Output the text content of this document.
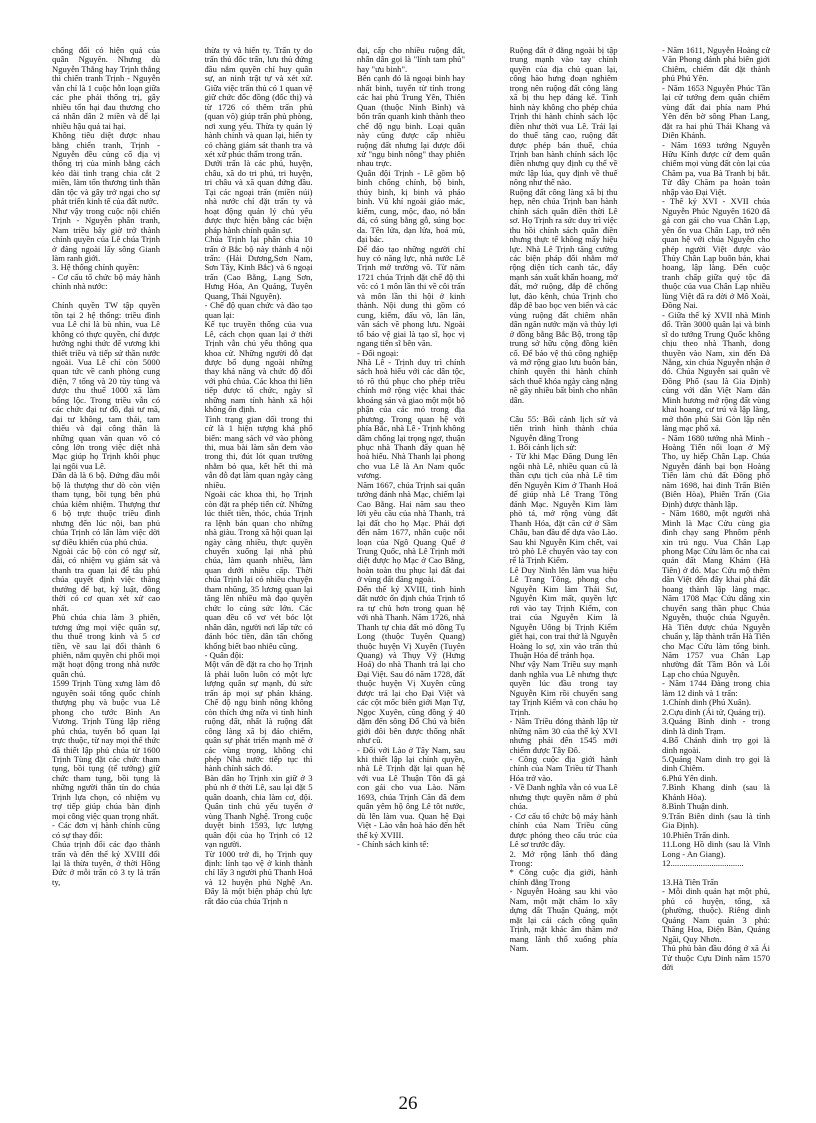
chống đối có hiện quả của quân Nguyên. Nhưng dù Nguyễn Thắng hay Trịnh thắng thì chiến tranh Trịnh - Nguyễn vẫn chỉ là 1 cuộc hỗn loạn giữa các phe phái thống trị, gây nhiều tổn hại đau thương cho cả nhân dân 2 miền và để lại nhiều hậu quả tai hại.
Không tiêu diệt được nhau bằng chiến tranh, Trịnh - Nguyễn đều củng cố địa vị thống trị của mình bằng cách kéo dài tình trạng chia cắt 2 miền, làm tổn thương tình thần dân tộc và gây trở ngại cho sự phát triển kinh tế của đất nước.
Như vậy trong cuộc nội chiến Trịnh - Nguyễn phân tranh, Nam triều bây giờ trở thành chính quyền của Lê chúa Trịnh ở đàng ngoài lấy sông Gianh làm ranh giới.
3. Hệ thống chính quyền:
- Cơ cấu tổ chức bộ máy hành chính nhà nước:

Chính quyền TW tập quyền tồn tại 2 hệ thống: triều đình vua Lê chỉ là bù nhìn, vua Lê không có thực quyền, chỉ được hưởng nghi thức để vương khi thiết triều và tiếp sứ thần nước ngoài. Vua Lê chỉ còn 5000 quan tức về canh phòng cung điện, 7 tổng và 20 tùy tùng và được thu thuế 1000 xã làm bổng lộc. Trong triều vẫn có các chức đại tư đồ, đại tư mã, đại tư không, tam thái, tam thiếu và đại công thần là những quan văn quan võ có công lớn trong việc diệt nhà Mạc giúp họ Trịnh khôi phục lại ngôi vua Lê.
Dần dà là 6 bộ. Đứng đầu mỗi bộ là thượng thư dò còn viện tham tụng, bồi tụng bên phủ chúa kiêm nhiệm. Thượng thư 6 bộ trực thuộc triều đình nhưng đến lúc nội, ban phủ chúa Trịnh có lấn làm việc dời sự điều khiển của phủ chúa.
Ngoài các bộ còn có ngự sử, đài, có nhiệm vụ giám sát và thanh tra quan lại để tâu phủ chúa quyết định việc thăng thưởng để bạt, kỷ luật, đồng thời có cơ quan xét xử cao nhất.
Phủ chúa chia làm 3 phiên, tương ứng mọi việc quân sự, thu thuế trong kinh và 5 cơ tiền, về sau lại đổi thành 6 phiên, nắm quyền chi phối mọi mặt hoạt động trong nhà nước quân chủ.
1599 Trịnh Tùng xưng làm đô nguyên soái tổng quốc chính thượng phụ và buộc vua Lê phong cho tước Bình An Vương. Trịnh Tùng lập riêng phủ chúa, tuyển bổ quan lại trực thuộc, từ nay mọi thể thức đã thiết lập phủ chúa từ 1600 Trịnh Tùng đặt các chức tham tụng, bồi tụng (tể tướng) giữ chức tham tụng, bồi tụng là những người thân tín do chúa Trịnh lựa chọn, có nhiệm vụ trợ tiếp giúp chúa bàn định mọi công việc quan trọng nhất.
- Các đơn vị hành chính cũng có sự thay đổi:
Chúa trịnh đổi các đạo thành trấn và đến thế kỷ XVIII đổi lại là thừa tuyên, ở thời Hồng Đức ở mỗi trấn có 3 ty là trấn ty,

thừa ty và hiến ty. Trấn ty do trấn thủ đốc trấn, lưu thủ đứng đầu nắm quyền chỉ huy quân sự, an ninh trật tự và xét xử. Giữa việc trấn thủ có 1 quan vệ giữ chức đốc đồng (đốc thị) và từ 1726 có thêm trấn phủ (quan võ) giúp trấn phủ phòng, nơi xung yếu. Thừa ty quản lý hành chính và quan lại, hiến ty có chàng giám sát thanh tra và xét xử phúc thẩm trong trấn.
Dưới trấn là các phủ, huyện, châu, xã do tri phủ, tri huyện, tri châu và xã quan đứng đầu. Tại các ngoại trấn (miền núi) nhà nước chỉ đặt trấn ty và hoạt động quản lý chủ yếu được thực hiện bằng các biện pháp hành chính quân sự.
Chúa Trịnh lại phân chia 10 trấn ở Bắc bộ này thành 4 nội trấn: (Hải Dương,Sơn Nam, Sơn Tây, Kinh Bắc) và 6 ngoại trấn (Cao Bằng, Lạng Sơn, Hưng Hóa, An Quảng, Tuyên Quang, Thái Nguyên).
- Chế độ quan chức và đào tạo quan lại:
Kế tục truyền thống của vua Lê, cách chọn quan lại ở thời Trịnh vẫn chủ yếu thông qua khoa cử. Những người đỗ đạt được bổ dụng ngoài những thay khả năng và chức độ đối với phủ chúa. Các khoa thi liên tiếp được tổ chức, ngày sĩ những nam tính hành xã hội không ổn định.
Tình trạng gian dối trong thi cử là 1 hiện tượng khá phổ biến: mang sách vở vào phòng thi, mua bài làm sẵn đem vào trong thi, đút lót quan trường nhằm bỏ qua, kết hết thì mà vẫn đỗ đạt làm quan ngày càng nhiều.
Ngoài các khoa thi, họ Trịnh còn đặt ra phép tiến cử. Những lúc thiết tiền, thóc, chúa Trịnh ra lệnh bán quan cho những nhà giàu. Trong xã hội quan lại ngày càng nhiều, thực quyền chuyển xuống lại nhà phủ chúa, làm quanh nhiều, làm quan dưới nhiều cấp. Thời chúa Trịnh lại có nhiều chuyện tham nhũng, 35 lương quan lại tăng lên nhiều mà đạo quyền chức lo củng sức lớn. Các quan đều cố vơ vét bóc lột nhân dân, người nơi lấp tức có đánh bóc tiền, dân tấn chống khổng biết bao nhiêu cũng.
- Quân đội:
Một vấn đề đặt ra cho họ Trịnh là phải luôn luôn có một lực lượng quân sự mạnh, đủ sức trấn áp mọi sự phản kháng. Chế độ ngụ binh nông không còn thích ứng nữa vì tình hình ruộng đất, nhất là ruộng đất công làng xã bị đảo chiếm, quân sự phát triển mạnh mẽ ở các vùng trọng, không chỉ phép Nhà nước tiếp tục thì hành chính sách đó.
Bàn dân họ Trịnh xin giữ ở 3 phủ nh ở thời Lê, sau lại đặt 5 quân doanh, chia làm cơ, đội. Quân tinh chủ yếu tuyển ở vùng Thanh Nghệ. Trong cuộc duyệt binh 1593, lực lượng quân đội của họ Trịnh có 12 vạn người.
Từ 1000 trở đi, họ Trịnh quy định: lính tạo vệ ở kinh thành chỉ lấy 3 người phủ Thanh Hoá và 12 huyện phủ Nghệ An. Đây là một biện pháp chủ lực rất đảo của chúa Trịnh n

đại, cấp cho nhiều ruộng đất, nhân dân gọi là "lính tam phủ" hay "ưu binh".
Bên cạnh đó là ngoại binh hay nhất binh, tuyển từ tỉnh trong các hai phủ Trung Yên, Thiên Quan (thuộc Ninh Bình) và bốn trấn quanh kinh thành theo chế độ ngụ binh. Loại quân này cũng được cấp nhiều ruộng đất nhưng lại được đối xử "ngụ binh nông" thay phiên nhau trực.
Quân đội Trịnh - Lê gồm bộ binh chống chính, bộ binh, thủy binh, kị binh và pháo binh. Vũ khí ngoài giáo mác, kiếm, cung, mộc, đao, nỏ bắn đá, có súng bằng gỗ, súng bọc da. Tên lửa, dạn lửa, hoả mù, đại bác.
Để đảo tạo những người chỉ huy có năng lực, nhà nước Lê Trịnh mở trường võ. Từ năm 1721 chúa Trịnh đặt chế độ thi võ: có 1 môn lần thi về côi trấn và môn lần thi hội ở kinh thành. Nội dung thi gồm có cung, kiếm, đấu võ, lãn lăn, văn sách về phong lưu. Ngoài tổ bảo vệ giai là tạo sĩ, học vị ngang tiến sĩ bên văn.
- Đối ngoại:
Nhà Lê - Trịnh duy trì chính sách hoà hiếu với các dân tộc, tỏ rõ thủ phục cho phép triều chính mở rộng việc khai thác khoáng sản và giao một một bộ phận của các mỏ trong địa phương. Trong quan hệ với phía Bắc, nhà Lê - Trịnh không dâm chống lại trọng ngơ, thuận phục nhà Thanh đẩy quan hệ hoà hiếu. Nhà Thanh lại phong cho vua Lê là An Nam quốc vương.
Năm 1667, chúa Trịnh sai quân tướng đánh nhà Mạc, chiếm lại Cao Bằng. Hai năm sau theo lời yêu cầu của nhà Thanh, trả lại đất cho họ Mạc. Phải đợi đến năm 1677, nhân cuộc nổi loạn của Ngô Quang Quế ở Trung Quốc, nhà Lê Trịnh mới diệt được họ Mạc ở Cao Bằng, hoàn toàn thu phục lại đất đai ở vùng đất đăng ngoài.
Đến thế kỷ XVIII, tình hình đất nước ổn định chúa Trịnh tổ ra tự chủ hơn trong quan hệ với nhà Thanh. Năm 1726, nhà Thanh tự chia đất mỏ đồng Tụ Long (thuộc Tuyên Quang) thuộc huyện Vị Xuyên (Tuyên Quang) và Thụy Vỹ (Hưng Hoá) do nhà Thanh trả lại cho Đại Việt. Sau đó năm 1728, đất thuộc huyện Vị Xuyên cũng được trả lại cho Đại Việt và các cột mốc biên giới Mạn Tự, Ngọc Xuyên, cũng đồng ý 40 dặm đến sông Đổ Chú và biên giới đôi bên được thống nhất như cũ.
- Đối với Lào ở Tây Nam, sau khi thiết lập lại chính quyền, nhà Lê Trịnh đặt lại quan hệ với vua Lê Thuận Tôn đã gả con gái cho vua Lào. Năm 1693, chúa Trịnh Căn đã đem quân yêm hộ ông Lê tôt nước, dù lên làm vua. Quan hệ Đại Việt - Lào vẫn hoà hảo đến hết thế kỷ XVIII.
- Chính sách kinh tế:

Ruộng đất ở đằng ngoài bị tập trung mạnh vào tay chính quyền của địa chủ quan lại, công hào hưng đoạn nghiêm trọng nên ruộng đất công làng xã bị thu hẹp đáng kể. Tình hình này không cho phép chúa Trịnh thi hành chính sách lộc điền như thời vua Lê. Trái lại do thuế tăng cao, ruộng đất được phép bán thuế, chúa Trịnh ban hành chính sách lộc điền nhưng quy định cụ thể về mức lập lúa, quy định về thuế nông như thế nào.
Ruộng đất công làng xã bị thu hẹp, nên chúa Trịnh ban hành chính sách quân điền thời Lê sơ. Họ Trịnh ra sức duy trì việc thu hồi chính sách quân điền nhưng thực tế không mấy hiệu lực. Nhà Lê Trịnh tăng cường các biện pháp đối nhằm mở rộng diện tích canh tác, đẩy mạnh sản xuất khẩn hoang, mở đất, mở ruộng, đắp đê chống lụt, đào kênh, chúa Trịnh cho đắp đê bao bọc ven biển và các vùng ruộng đất chiêm nhân dân ngăn nước mặn và thủy lợi ở đồng bằng Bắc Bộ, trong tập trung sở hữu cộng đồng kiên cố. Để bảo vệ thủ công nghiệp và mở rộng giao lưu buôn bán, chính quyền thi hành chính sách thuế khóa ngày càng nặng nề gây nhiều bất bình cho nhân dân.

Câu 55: Bối cảnh lịch sử và tiến trình hình thành chúa Nguyễn đằng Trong
1. Bối cảnh lịch sử:
- Từ khi Mạc Đăng Dung lên ngôi nhà Lê, nhiều quan cũ là thần cựu tịch của nhà Lê tìm đến Nguyễn Kim ở Thanh Hoá để giúp nhà Lê Trang Tông đánh Mạc. Nguyễn Kim làm phò tá, mở rộng vùng đất Thanh Hóa, đặt căn cứ ở Sầm Châu, ban đầu để dựa vào Lào. Sau khi Nguyễn Kim chết, vai trò phò Lê chuyển vào tay con rể là Trịnh Kiểm.
Lê Duy Ninh lên làm vua hiệu Lê Trang Tông, phong cho Nguyễn Kim làm Thái Sư, Nguyễn Kim mất, quyền lực rơi vào tay Trịnh Kiểm, con trai của Nguyễn Kim là Nguyễn Uông bị Trịnh Kiểm giết hại, con trai thứ là Nguyễn Hoàng lo sợ, xin vào trấn thủ Thuận Hóa để tránh họa.
Như vậy Nam Triều suy mạnh danh nghĩa vua Lê nhưng thực quyền lúc đầu trong tay Nguyễn Kim rồi chuyển sang tay Trịnh Kiểm và con cháu họ Trịnh.
- Năm Triều đóng thành lập từ những năm 30 của thế kỷ XVI nhưng phải đến 1545 mới chiếm được Tây Đô.
- Công cuộc địa giới hành chính của Nam Triều từ Thanh Hóa trở vào.
- Về Danh nghĩa vẫn có vua Lê nhưng thực quyền nằm ở phủ chúa.
- Cơ cấu tổ chức bộ máy hành chính của Nam Triều cũng được phỏng theo cấu trúc của Lê sơ trước đây.
2. Mở rộng lãnh thổ đàng Trong:
* Công cuộc địa giới, hành chính đằng Trong
- Nguyễn Hoàng sau khi vào Nam, một mặt chăm lo xây dựng đất Thuận Quảng, một mặt lại cải cách công quân Trịnh, mặt khác âm thầm mở mang lãnh thổ xuống phía Nam.

- Năm 1611, Nguyễn Hoàng cử Văn Phong đánh phá biên giới Chiêm, chiếm đất đặt thành phủ Phú Yên.
- Năm 1653 Nguyễn Phúc Tần lại cử tướng đem quân chiếm vùng đất đai phía nam Phú Yên đến bờ sông Phan Lang, đặt ra hai phủ Thái Khang và Diên Khánh.
- Năm 1693 tướng Nguyễn Hữu Kính được cử đem quân chiếm mọi vùng đất còn lại của Chăm pa, vua Bà Tranh bị bắt. Từ đây Chăm pa hoàn toàn nhập vào Đại Việt.
- Thế kỷ XVI - XVII chúa Nguyễn Phúc Nguyên 1620 đã gả con gái cho vua Chân Lạp, yên ổn vua Chân Lạp, trở nên quan hệ với chúa Nguyễn cho phép người Việt được vào Thủy Chân Lạp buôn bán, khai hoang, lập làng. Đến cuộc tranh chấp giữa quý tộc đã thuộc của vua Chân Lạp nhiều lùng Việt đã ra đời ở Mô Xoài, Đồng Nai.
- Giữa thế kỷ XVII nhà Minh đổ. Trần 3000 quân lại và binh sĩ do tướng Trung Quốc không chịu theo nhà Thanh, dong thuyền vào Nam, xin đến Đà Nẵng, xin chúa Nguyễn nhận ở đó. Chúa Nguyễn sai quân về Đồng Phố (sau là Gia Định) cùng với dân Việt Nam dân Minh hương mở rộng đất vùng khai hoang, cư trú và lập làng, mở thôn phủ Sài Gòn lập nên làng mạc phố xá.
- Năm 1680 tướng nhà Minh - Hoàng Tiến nổi loạn ở Mỹ Tho, uy hiếp Chân Lạp. Chúa Nguyễn đánh bại bọn Hoàng Tiến làm chủ đất Đồng phố năm 1698, hai đinh Trấn Biên (Biên Hòa), Phiên Trấn (Gia Định) được thành lập.
- Năm 1680, một người nhà Minh là Mạc Cửu cùng gia đình chạy sang Phnôm pênh xin trú ngụ. Vua Chân Lạp phong Mạc Cửu làm ốc nha cai quản đất Mang Khảm (Hà Tiên) ở đó. Mạc Cửu mộ thêm dân Việt đến đây khai phá đất hoang thành lập làng mạc. Năm 1708 Mạc Cửu dâng xin chuyển sang thần phục Chúa Nguyễn, thuộc chúa Nguyễn. Hà Tiên được chúa Nguyễn chuẩn y, lập thành trấn Hà Tiên cho Mạc Cửu làm tổng binh. Năm 1757 vua Chân Lạp nhường đất Tầm Bôn và Lôi Lạp cho chúa Nguyễn.
- Năm 1744 Đàng trong chia làm 12 dinh và 1 trấn:
1.Chính dinh (Phú Xuân).
2.Cựu dinh (Ái tử, Quảng trị).
3.Quảng Bình dinh - trong dinh là dinh Trạm.
4.Bố Chánh dinh trọ gọi là dinh ngoài.
5.Quảng Nam dinh trọ gọi là dinh Chiêm.
6.Phú Yên dinh.
7.Bình Khang dinh (sau là Khánh Hòa).
8.Bình Thuận dinh.
9.Trấn Biên dinh (sau là tỉnh Gia Định).
10.Phiên Trấn dinh.
11.Long Hồ dinh (sau là Vĩnh Long - An Giang).
12..................................

13.Hà Tiên Trấn
- Mỗi dinh quản hạt một phủ, phủ có huyện, tổng, xã (phường, thuộc). Riêng dinh Quảng Nam quản 3 phủ: Thăng Hoa, Điện Bàn, Quảng Ngãi, Quy Nhơn.
Thủ phủ bàn đầu đóng ở xã Ái Tử thuộc Cựu Dinh năm 1570 đời

26
